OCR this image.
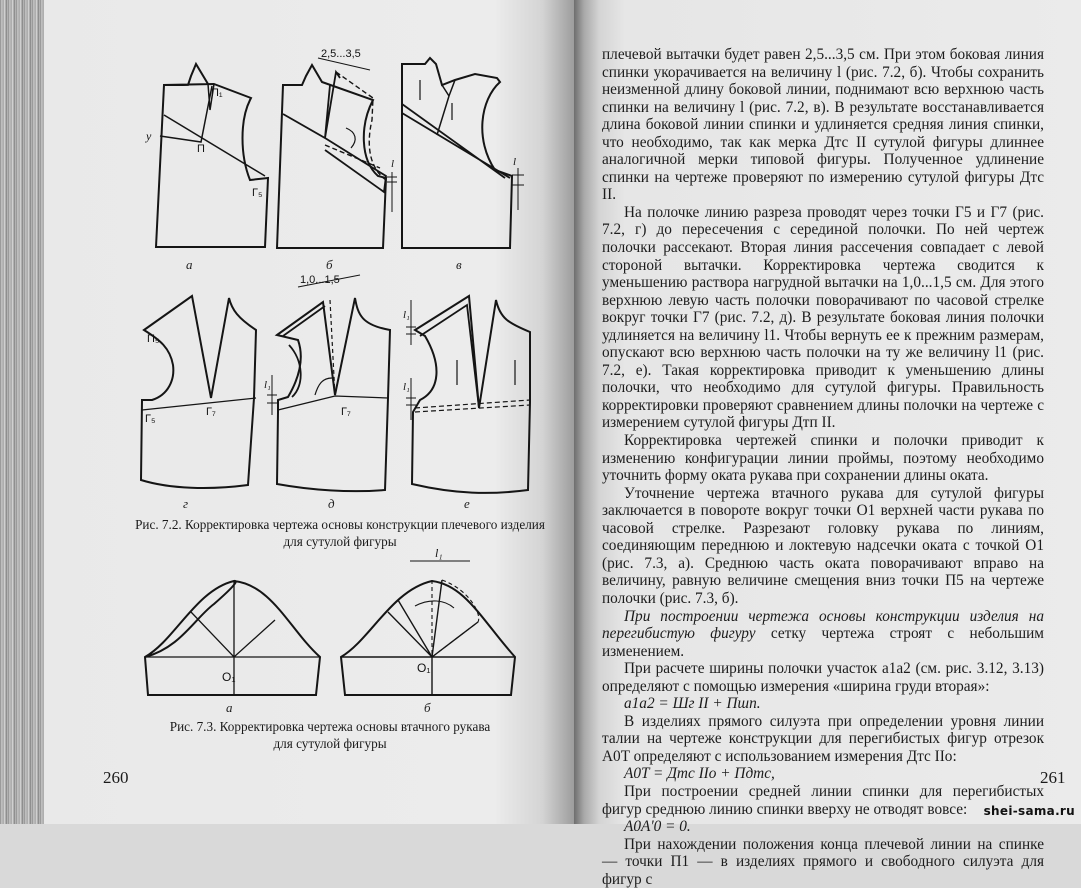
П₁
у
П
Г₅
2,5...3,5
l	l
П₅
Г₅
Г₇
1,0...1,5
Г₇
l₁
l₁
l₁
O₁
O₁
l₁
а	б	в
г	д	е
а	б
Рис. 7.2. Корректировка чертежа основы конструкции плечевого изделия
для сутулой фигуры
Рис. 7.3. Корректировка чертежа основы втачного рукава
для сутулой фигуры
260

плечевой вытачки будет равен 2,5...3,5 см. При этом боковая линия спинки укорачивается на величину l (рис. 7.2, б). Чтобы сохранить неизменной длину боковой линии, поднимают всю верхнюю часть спинки на величину l (рис. 7.2, в). В результате восстанавливается длина боковой линии спинки и удлиняется средняя линия спинки, что необходимо, так как мерка Дтс II сутулой фигуры длиннее аналогичной мерки типовой фигуры. Полученное удлинение спинки на чертеже проверяют по измерению сутулой фигуры Дтс II.

На полочке линию разреза проводят через точки Г5 и Г7 (рис. 7.2, г) до пересечения с серединой полочки. По ней чертеж полочки рассекают. Вторая линия рассечения совпадает с левой стороной вытачки. Корректировка чертежа сводится к уменьшению раствора нагрудной вытачки на 1,0...1,5 см. Для этого верхнюю левую часть полочки поворачивают по часовой стрелке вокруг точки Г7 (рис. 7.2, д). В результате боковая линия полочки удлиняется на величину l1. Чтобы вернуть ее к прежним размерам, опускают всю верхнюю часть полочки на ту же величину l1 (рис. 7.2, е). Такая корректировка приводит к уменьшению длины полочки, что необходимо для сутулой фигуры. Правильность корректировки проверяют сравнением длины полочки на чертеже с измерением сутулой фигуры Дтп II.

Корректировка чертежей спинки и полочки приводит к изменению конфигурации линии проймы, поэтому необходимо уточнить форму оката рукава при сохранении длины оката.

Уточнение чертежа втачного рукава для сутулой фигуры заключается в повороте вокруг точки O1 верхней части рукава по часовой стрелке. Разрезают головку рукава по линиям, соединяющим переднюю и локтевую надсечки оката с точкой O1 (рис. 7.3, а). Среднюю часть оката поворачивают вправо на величину, равную величине смещения вниз точки П5 на чертеже полочки (рис. 7.3, б).

При построении чертежа основы конструкции изделия на перегибистую фигуру сетку чертежа строят с небольшим изменением.

При расчете ширины полочки участок a1a2 (см. рис. 3.12, 3.13) определяют с помощью измерения «ширина груди вторая»:

a1a2 = Шг II + Пшп.

В изделиях прямого силуэта при определении уровня линии талии на чертеже конструкции для перегибистых фигур отрезок A0T определяют с использованием измерения Дтс IIo:

A0T = Дтс IIo + Пдтс,

При построении средней линии спинки для перегибистых фигур среднюю линию спинки вверху не отводят вовсе:

A0A'0 = 0.

При нахождении положения конца плечевой линии на спинке — точки П1 — в изделиях прямого и свободного силуэта для фигур с

261
shei-sama.ru
